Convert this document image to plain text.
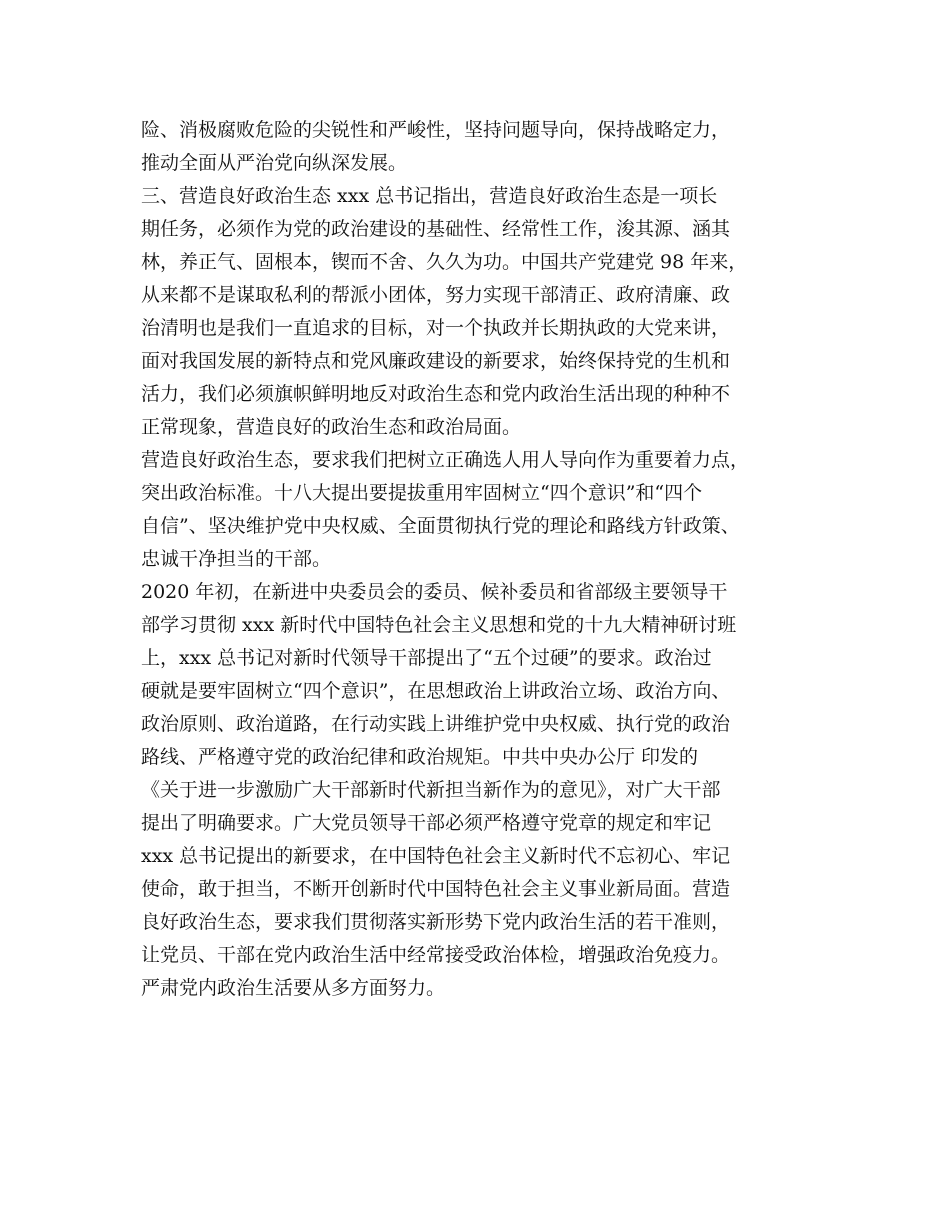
险、消极腐败危险的尖锐性和严峻性，坚持问题导向，保持战略定力，
推动全面从严治党向纵深发展。
三、营造良好政治生态 xxx 总书记指出，营造良好政治生态是一项长
期任务，必须作为党的政治建设的基础性、经常性工作，浚其源、涵其
林，养正气、固根本，锲而不舍、久久为功。中国共产党建党 98 年来，
从来都不是谋取私利的帮派小团体，努力实现干部清正、政府清廉、政
治清明也是我们一直追求的目标，对一个执政并长期执政的大党来讲，
面对我国发展的新特点和党风廉政建设的新要求，始终保持党的生机和
活力，我们必须旗帜鲜明地反对政治生态和党内政治生活出现的种种不
正常现象，营造良好的政治生态和政治局面。
营造良好政治生态，要求我们把树立正确选人用人导向作为重要着力点，
突出政治标准。十八大提出要提拔重用牢固树立“四个意识”和“四个
自信”、坚决维护党中央权威、全面贯彻执行党的理论和路线方针政策、
忠诚干净担当的干部。
2020 年初，在新进中央委员会的委员、候补委员和省部级主要领导干
部学习贯彻 xxx 新时代中国特色社会主义思想和党的十九大精神研讨班
上，xxx 总书记对新时代领导干部提出了“五个过硬”的要求。政治过
硬就是要牢固树立“四个意识”，在思想政治上讲政治立场、政治方向、
政治原则、政治道路，在行动实践上讲维护党中央权威、执行党的政治
路线、严格遵守党的政治纪律和政治规矩。中共中央办公厅 印发的
《关于进一步激励广大干部新时代新担当新作为的意见》，对广大干部
提出了明确要求。广大党员领导干部必须严格遵守党章的规定和牢记
xxx 总书记提出的新要求，在中国特色社会主义新时代不忘初心、牢记
使命，敢于担当，不断开创新时代中国特色社会主义事业新局面。营造
良好政治生态，要求我们贯彻落实新形势下党内政治生活的若干准则，
让党员、干部在党内政治生活中经常接受政治体检，增强政治免疫力。
严肃党内政治生活要从多方面努力。
